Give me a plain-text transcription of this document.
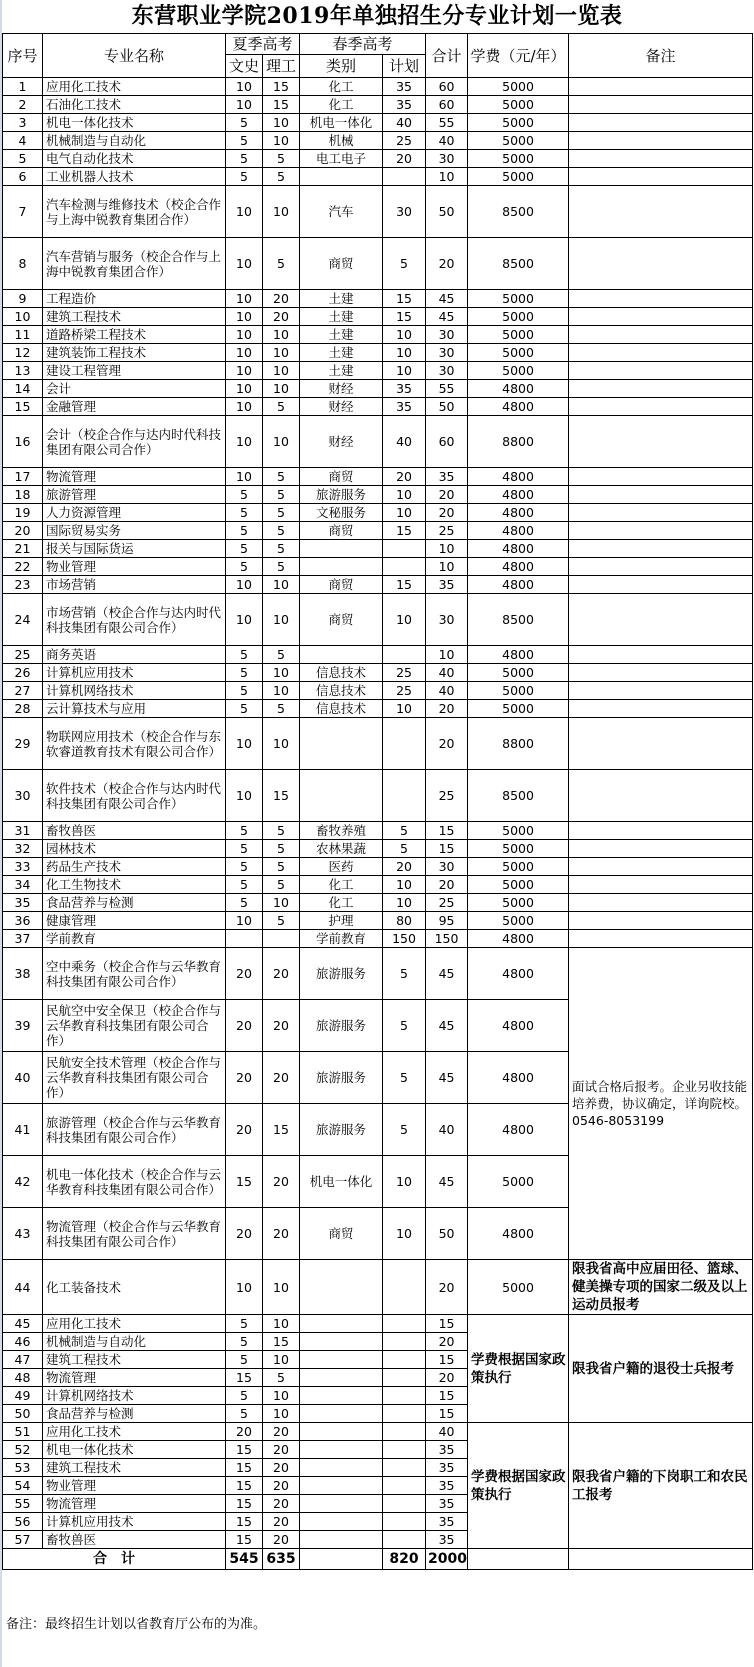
东营职业学院2019年单独招生分专业计划一览表
序号	专业名称	夏季高考		春季高考		合计	学费（元/年）	备注
		文史	理工	类别	计划			
1	应用化工技术	10	15	化工	35	60	5000	
2	石油化工技术	10	15	化工	35	60	5000	
3	机电一体化技术	5	10	机电一体化	40	55	5000	
4	机械制造与自动化	5	10	机械	25	40	5000	
5	电气自动化技术	5	5	电工电子	20	30	5000	
6	工业机器人技术	5	5			10	5000	
7	汽车检测与维修技术（校企合作与上海中锐教育集团合作）	10	10	汽车	30	50	8500	
8	汽车营销与服务（校企合作与上海中锐教育集团合作）	10	5	商贸	5	20	8500	
9	工程造价	10	20	土建	15	45	5000	
10	建筑工程技术	10	20	土建	15	45	5000	
11	道路桥梁工程技术	10	10	土建	10	30	5000	
12	建筑装饰工程技术	10	10	土建	10	30	5000	
13	建设工程管理	10	10	土建	10	30	5000	
14	会计	10	10	财经	35	55	4800	
15	金融管理	10	5	财经	35	50	4800	
16	会计（校企合作与达内时代科技集团有限公司合作）	10	10	财经	40	60	8800	
17	物流管理	10	5	商贸	20	35	4800	
18	旅游管理	5	5	旅游服务	10	20	4800	
19	人力资源管理	5	5	文秘服务	10	20	4800	
20	国际贸易实务	5	5	商贸	15	25	4800	
21	报关与国际货运	5	5			10	4800	
22	物业管理	5	5			10	4800	
23	市场营销	10	10	商贸	15	35	4800	
24	市场营销（校企合作与达内时代科技集团有限公司合作）	10	10	商贸	10	30	8500	
25	商务英语	5	5			10	4800	
26	计算机应用技术	5	10	信息技术	25	40	5000	
27	计算机网络技术	5	10	信息技术	25	40	5000	
28	云计算技术与应用	5	5	信息技术	10	20	5000	
29	物联网应用技术（校企合作与东软睿道教育技术有限公司合作）	10	10			20	8800	
30	软件技术（校企合作与达内时代科技集团有限公司合作）	10	15			25	8500	
31	畜牧兽医	5	5	畜牧养殖	5	15	5000	
32	园林技术	5	5	农林果蔬	5	15	5000	
33	药品生产技术	5	5	医药	20	30	5000	
34	化工生物技术	5	5	化工	10	20	5000	
35	食品营养与检测	5	10	化工	10	25	5000	
36	健康管理	10	5	护理	80	95	5000	
37	学前教育			学前教育	150	150	4800	
38	空中乘务（校企合作与云华教育科技集团有限公司合作）	20	20	旅游服务	5	45	4800	面试合格后报考。企业另收技能培养费，协议确定，详询院校。0546-8053199
39	民航空中安全保卫（校企合作与云华教育科技集团有限公司合作）	20	20	旅游服务	5	45	4800	
40	民航安全技术管理（校企合作与云华教育科技集团有限公司合作）	20	20	旅游服务	5	45	4800	
41	旅游管理（校企合作与云华教育科技集团有限公司合作）	20	15	旅游服务	5	40	4800	
42	机电一体化技术（校企合作与云华教育科技集团有限公司合作）	15	20	机电一体化	10	45	5000	
43	物流管理（校企合作与云华教育科技集团有限公司合作）	20	20	商贸	10	50	4800	
44	化工装备技术	10	10			20	5000	限我省高中应届田径、篮球、健美操专项的国家二级及以上运动员报考
45	应用化工技术	5	10			15	学费根据国家政策执行	限我省户籍的退役士兵报考
46	机械制造与自动化	5	15			20		
47	建筑工程技术	5	10			15		
48	物流管理	15	5			20		
49	计算机网络技术	5	10			15		
50	食品营养与检测	5	10			15		
51	应用化工技术	20	20			40	学费根据国家政策执行	限我省户籍的下岗职工和农民工报考
52	机电一体化技术	15	20			35		
53	建筑工程技术	15	20			35		
54	物业管理	15	20			35		
55	物流管理	15	20			35		
56	计算机应用技术	15	20			35		
57	畜牧兽医	15	20			35		
合　计		545	635		820	2000		
备注：最终招生计划以省教育厅公布的为准。
